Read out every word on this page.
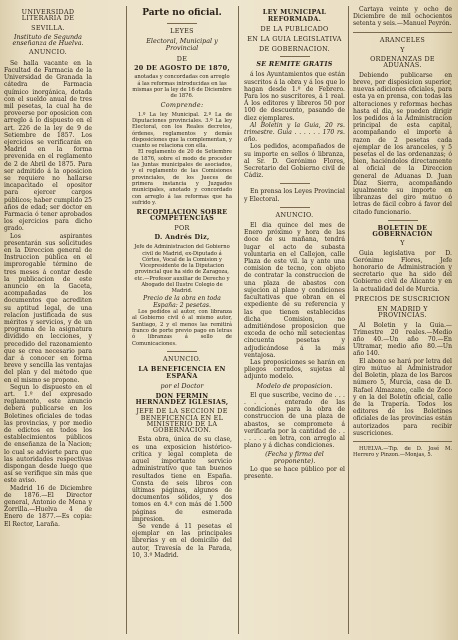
UNIVERSIDAD LITERARIA DE
SEVILLA.
Instituto de Segunda enseñanza de Huelva.
ANUNCIO.

Se halla vacante en la Facultad de Farmacia de la Universidad de Granada la cátedra de Farmacia químico inorgánica, dotada con el sueldo anual de tres mil pesetas, la cual ha de proveerse por oposicion con arreglo á lo dispuesto en el art. 226 de la ley de 9 de Setiembre de 1857. Los ejercicios se verificarán en Madrid en la forma prevenida en el reglamento de 2 de Abril de 1875. Para ser admitido á la oposicion se requiere no hallarse incapacitado el opositor para ejercer cargos públicos; haber cumplido 25 años de edad; ser doctor en Farmacia ó tener aprobados los ejercicios para dicho grado.

Los aspirantes presentarán sus solicitudes en la Direccion general de Instruccion pública en el improrogable término de tres meses á contar desde la publicacion de este anuncio en la Gaceta, acompañadas de los documentos que acrediten su aptitud legal, de una relacion justificada de sus méritos y servicios, y de un programa de la asignatura dividido en lecciones, y precedido del razonamiento que se crea necesario para dar á conocer en forma breve y sencilla las ventajas del plan y del método que en el mismo se propone.

Segun lo dispuesto en el art. 1.º del expresado reglamento, este anuncio deberá publicarse en los Boletines oficiales de todas las provincias, y por medio de edictos en todos los establecimientos públicos de enseñanza de la Nacion; lo cual se advierte para que las autoridades respectivas dispongan desde luego que así se verifique sin más que este aviso.

Madrid 16 de Diciembre de 1876.—El Director general, Antonio de Mena y Zorrilla.—Huelva 4 de Enero de 1877.—Es copia: El Rector, Laraña.

Parte no oficial.
LEYES
Electoral, Municipal y Provincial
DE
20 DE AGOSTO DE 1870,

anotadas y concordadas con arreglo á las reformas introducidas en las mismas por la ley de 16 de Diciembre de 1876.

Comprende:

1.º La ley Municipal. 2.º La de Diputaciones provinciales. 3.º La ley Electoral, con los Reales decretos, órdenes, reglamentos y demás disposiciones que la complementan, y cuanto se relaciona con ella.

El reglamento de 20 de Setiembre de 1876, sobre el modo de proceder las Juntas municipales de asociados, y el reglamento de las Comisiones provinciales, de los Jueces de primera instancia y Juzgados municipales, anotado y concordado con arreglo á las reformas que ha sufrido y.

RECOPILACION SOBRE COMPETENCIAS
POR
D. Andrés Diz,

Jefe de Administracion del Gobierno civil de Madrid, ex-Diputado á Córtes, Vocal de la Comision y Vicepresidente de la Diputacion provincial que ha sido de Zaragoza, etc.—Profesor auxiliar de Derecho y Abogado del Ilustre Colegio de Madrid.

Precio de la obra en toda España: 2 pesetas.

Los pedidos al autor, con libranza al Gobierno civil ó al mismo autor, Santiago, 2 y el menos las remitirá franco de porte previo pago en letras ó libranzas á sello de Comunicaciones.

ANUNCIO.
LA BENEFICENCIA EN ESPAÑA
por el Doctor
DON FERMIN HERNANDEZ IGLESIAS,
JEFE DE LA SECCION DE BENEFICENCIA EN EL MINISTERIO DE LA GOBERNACION.

Esta obra, única de su clase, es una exposicion histórico-crítica y legal completa de aquel importante servicio administrativo que tan buenos resultados tiene en España. Consta de seis libros con últimas páginas, algunos de documentos sólidos, y dos tomos en 4.º con más de 1.500 páginas de esmerada impresion.

Se vende á 11 pesetas el ejemplar en las principales librerías y en el domicilio del autor, Travesía de la Parada, 10, 3.º Madrid.

LEY MUNICIPAL REFORMADA.
DE LA PUBLICADO
EN LA GUIA LEGISLATIVA
DE GOBERNACION.
SE REMITE GRATIS

á los Ayuntamientos que están suscritos á la obra y á los que lo hagan desde 1.º de Febrero. Para los no suscritores, á 1 real. Á los editores y libreros 50 por 100 de descuento, pasando de diez ejemplares.

Al Boletin y la Guia, 20 rs. trimestre. Guia . . . . . . 170 rs. año.

Los pedidos, acompañados de su importe en sellos ó libranza, al Sr. D. Gerónimo Flores, Secretario del Gobierno civil de Cádiz.

En prensa los Leyes Provincial y Electoral.

ANUNCIO.

El dia quince del mes de Enero próximo y hora de las doce de su mañana, tendrá lugar el acto de subasta voluntaria en el Callejon, calle Plaza de este vil. la y ante una comision de tecno, con objeto de contratar la construccion de una plaza de abastos con sujecion al plano y condiciones facultativas que obran en el expediente de su referencia y las que tienen establecidas dicha Comision, no admitiéndose proposicion que exceda de ocho mil setecientas cincuenta pesetas y adjudicándose á la más ventajosa.

Las proposiciones se harán en pliegos cerrados, sujetas al adjunto modelo.

Modelo de proposicion.

El que suscribe, vecino de . . . . . . , enterado de las condiciones para la obra de construccion de una plaza de abastos, se compromete á verificarla por la cantidad de . . . . . . . en letra, con arreglo al plano y á dichas condiciones.

(Fecha y firma del proponente).

Lo que se hace público por el presente.

Cartaya veinte y ocho de Diciembre de mil ochocientos setenta y seis.—Manuel Peyrón.

ARANCELES
Y
ORDENANZAS DE ADUANAS.

Debiendo publicarse en breve, por disposicion superior, nuevas adiciones oficiales, para esta ya en prensa, con todas las alteraciones y reformas hechas hasta el dia, se pueden dirigir los pedidos á la Administracion principal de esta capital, acompañando el importe á razon de 2 pesetas cada ejemplar de los aranceles, y 5 pesetas el de las ordenanzas; ó bien, haciéndolos directamente al oficial de la Direccion general de Aduanas D. Juan Díaz Sierra, acompañando igualmente su importe en libranzas del giro mútuo ó letras de fácil cobro á favor del citado funcionario.

BOLETIN DE GOBERNACION
Y

Guia legislativa por D. Gerónimo Flores, Jefe honorario de Administracion y secretario que ha sido del Gobierno civil de Alicante y en la actualidad del de Murcia.

PRECIOS DE SUSCRICION
EN MADRID Y PROVINCIAS.

Al Boletin y la Guia.—Trimestre 20 reales.—Medio año 40.—Un año 70.—En Ultramar, medio año 80.—Un año 140.

El abono se hará por letra del giro mútuo al Administrador del Boletin, plaza de los Barcos número 5, Murcia, casa de D. Rafael Almazano, calle de Zoco y en la del Boletín oficial, calle de la Trapería. Todos los editores de los Boletines oficiales de las provincias están autorizados para recibir suscriciones.

HUELVA.—Tip. de D. José M. Herrero y Pinzon.—Monjas, 5.
